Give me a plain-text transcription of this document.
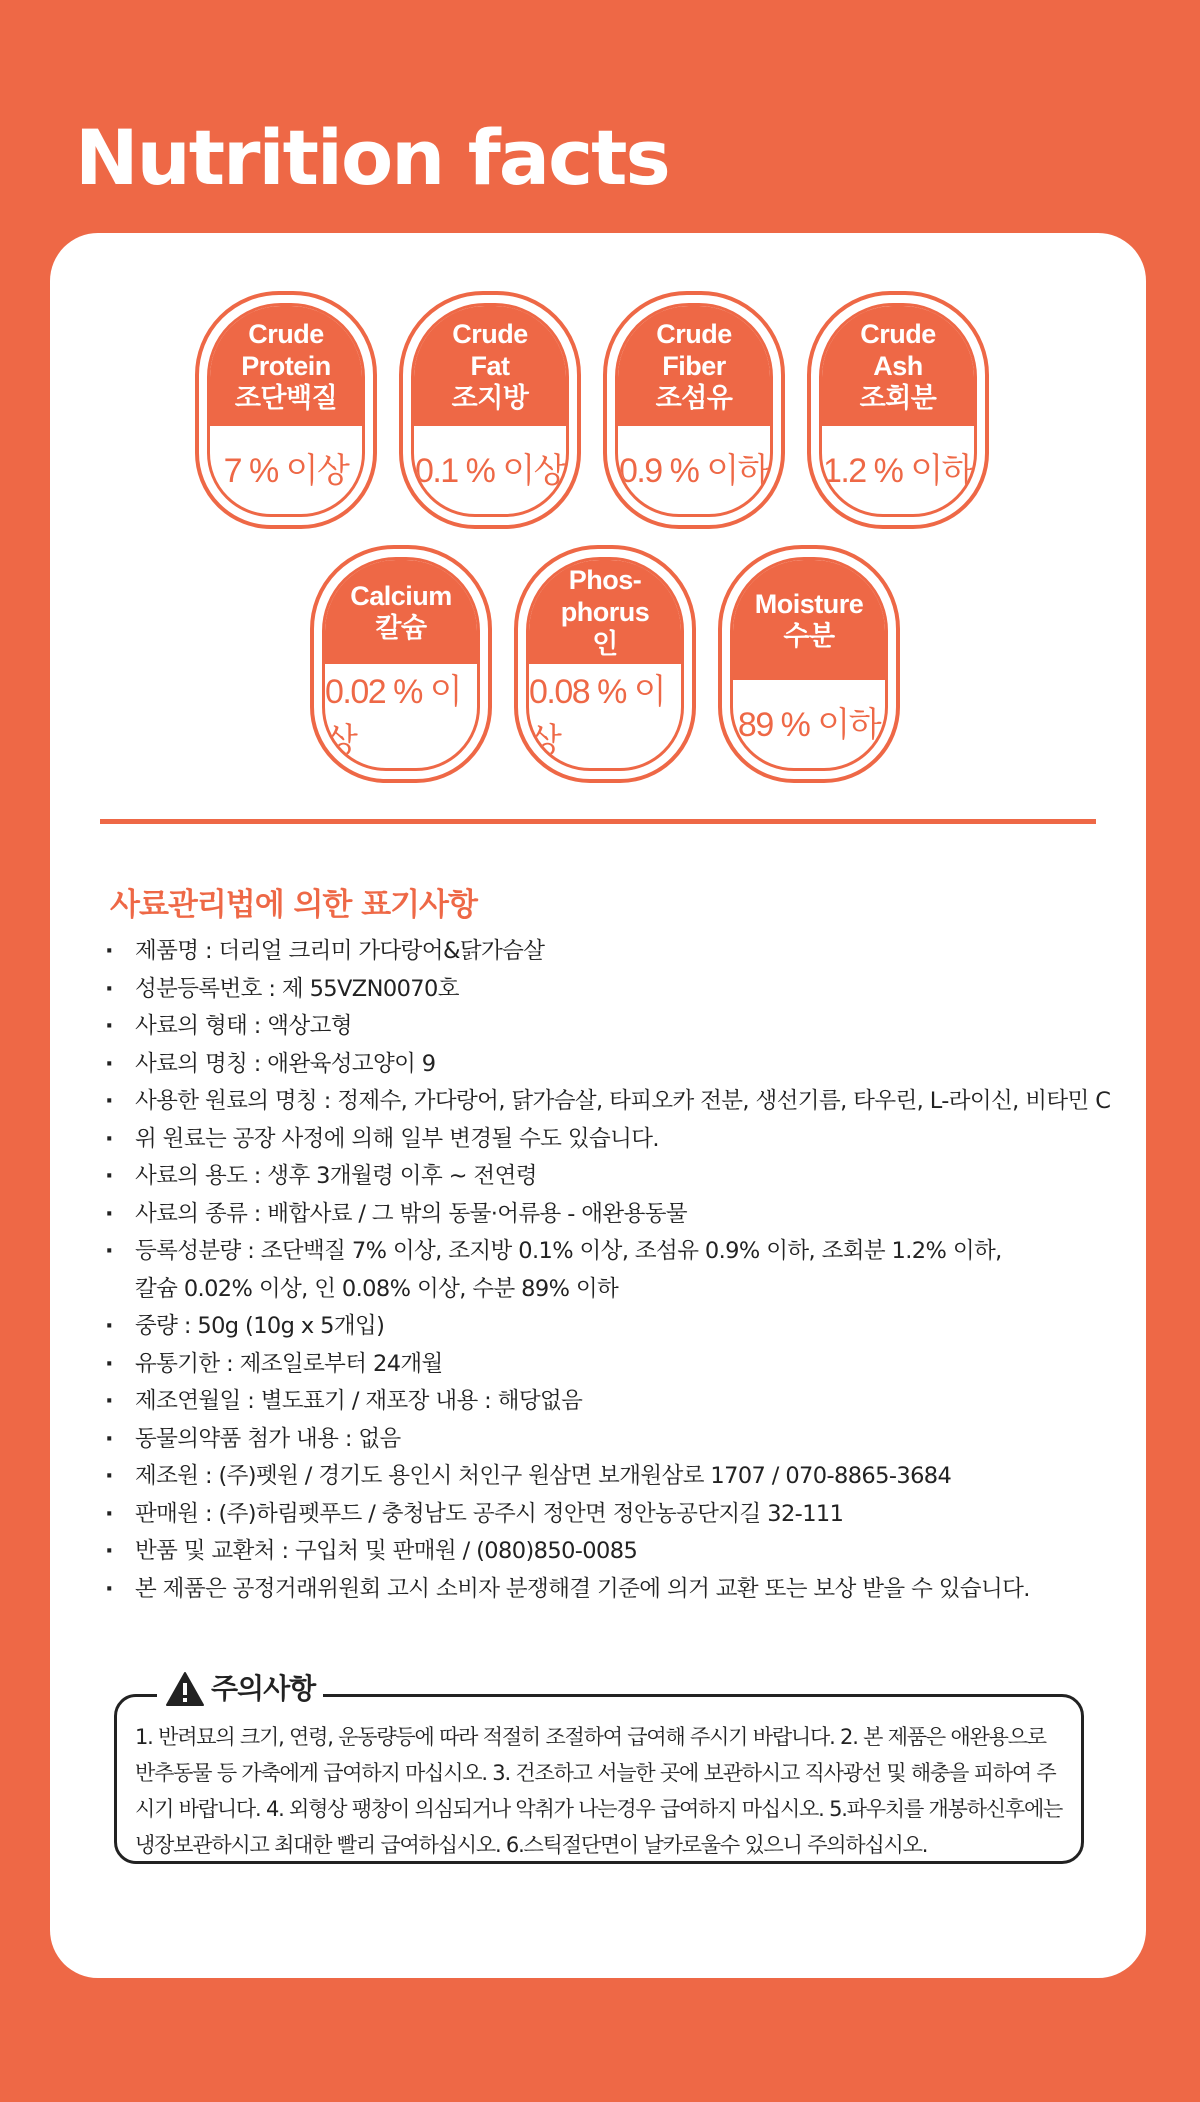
Nutrition facts
Crude
Protein
조단백질
7 % 이상
Crude
Fat
조지방
0.1 % 이상
Crude
Fiber
조섬유
0.9 % 이하
Crude
Ash
조회분
1.2 % 이하
Calcium
칼슘
0.02 % 이상
Phos-
phorus
인
0.08 % 이상
Moisture
수분
89 % 이하
사료관리법에 의한 표기사항
· 제품명 : 더리얼 크리미 가다랑어&닭가슴살
· 성분등록번호 : 제 55VZN0070호
· 사료의 형태 : 액상고형
· 사료의 명칭 : 애완육성고양이 9
· 사용한 원료의 명칭 : 정제수, 가다랑어, 닭가슴살, 타피오카 전분, 생선기름, 타우린, L-라이신, 비타민 C
· 위 원료는 공장 사정에 의해 일부 변경될 수도 있습니다.
· 사료의 용도 : 생후 3개월령 이후 ~ 전연령
· 사료의 종류 : 배합사료 / 그 밖의 동물·어류용 - 애완용동물
· 등록성분량 : 조단백질 7% 이상, 조지방 0.1% 이상, 조섬유 0.9% 이하, 조회분 1.2% 이하,
칼슘 0.02% 이상, 인 0.08% 이상, 수분 89% 이하
· 중량 : 50g (10g x 5개입)
· 유통기한 : 제조일로부터 24개월
· 제조연월일 : 별도표기 / 재포장 내용 : 해당없음
· 동물의약품 첨가 내용 : 없음
· 제조원 : (주)펫원 / 경기도 용인시 처인구 원삼면 보개원삼로 1707 / 070-8865-3684
· 판매원 : (주)하림펫푸드 / 충청남도 공주시 정안면 정안농공단지길 32-111
· 반품 및 교환처 : 구입처 및 판매원 / (080)850-0085
· 본 제품은 공정거래위원회 고시 소비자 분쟁해결 기준에 의거 교환 또는 보상 받을 수 있습니다.
주의사항
1. 반려묘의 크기, 연령, 운동량등에 따라 적절히 조절하여 급여해 주시기 바랍니다. 2. 본 제품은 애완용으로 반추동물 등 가축에게 급여하지 마십시오. 3. 건조하고 서늘한 곳에 보관하시고 직사광선 및 해충을 피하여 주시기 바랍니다. 4. 외형상 팽창이 의심되거나 악취가 나는경우 급여하지 마십시오. 5.파우치를 개봉하신후에는 냉장보관하시고 최대한 빨리 급여하십시오. 6.스틱절단면이 날카로울수 있으니 주의하십시오.
